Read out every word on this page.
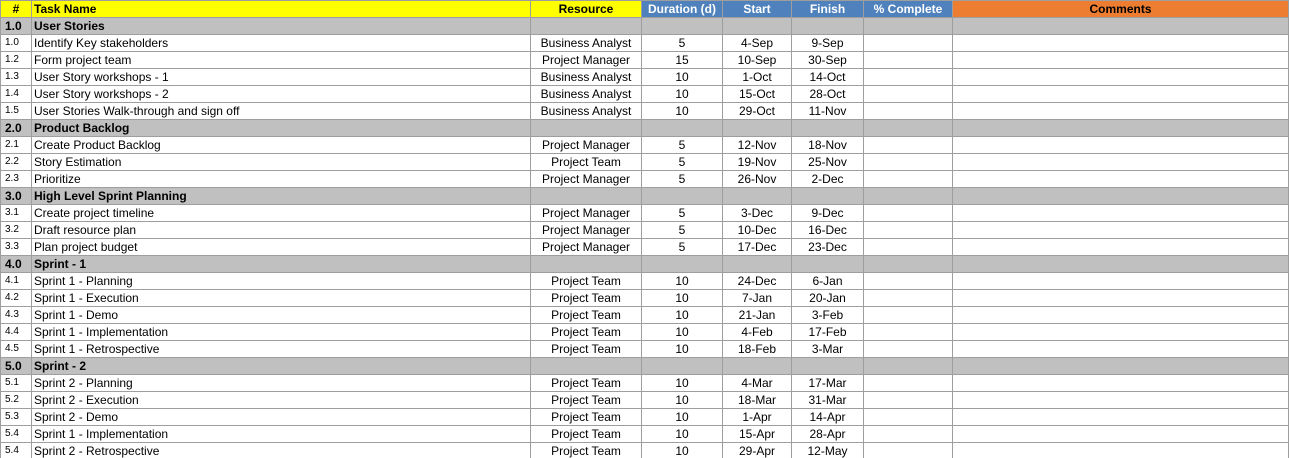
#	Task Name	Resource	Duration (d)	Start	Finish	% Complete	Comments
1.0	User Stories						
1.0	Identify Key stakeholders	Business Analyst	5	4-Sep	9-Sep		
1.2	Form project team	Project Manager	15	10-Sep	30-Sep		
1.3	User Story workshops - 1	Business Analyst	10	1-Oct	14-Oct		
1.4	User Story workshops - 2	Business Analyst	10	15-Oct	28-Oct		
1.5	User Stories Walk-through and sign off	Business Analyst	10	29-Oct	11-Nov		
2.0	Product Backlog						
2.1	Create Product Backlog	Project Manager	5	12-Nov	18-Nov		
2.2	Story Estimation	Project Team	5	19-Nov	25-Nov		
2.3	Prioritize	Project Manager	5	26-Nov	2-Dec		
3.0	High Level Sprint Planning						
3.1	Create project timeline	Project Manager	5	3-Dec	9-Dec		
3.2	Draft resource plan	Project Manager	5	10-Dec	16-Dec		
3.3	Plan project budget	Project Manager	5	17-Dec	23-Dec		
4.0	Sprint - 1						
4.1	Sprint 1 - Planning	Project Team	10	24-Dec	6-Jan		
4.2	Sprint 1 - Execution	Project Team	10	7-Jan	20-Jan		
4.3	Sprint 1 - Demo	Project Team	10	21-Jan	3-Feb		
4.4	Sprint 1 - Implementation	Project Team	10	4-Feb	17-Feb		
4.5	Sprint 1 - Retrospective	Project Team	10	18-Feb	3-Mar		
5.0	Sprint - 2						
5.1	Sprint 2 - Planning	Project Team	10	4-Mar	17-Mar		
5.2	Sprint 2 - Execution	Project Team	10	18-Mar	31-Mar		
5.3	Sprint 2 - Demo	Project Team	10	1-Apr	14-Apr		
5.4	Sprint 1 - Implementation	Project Team	10	15-Apr	28-Apr		
5.4	Sprint 2 - Retrospective	Project Team	10	29-Apr	12-May		
